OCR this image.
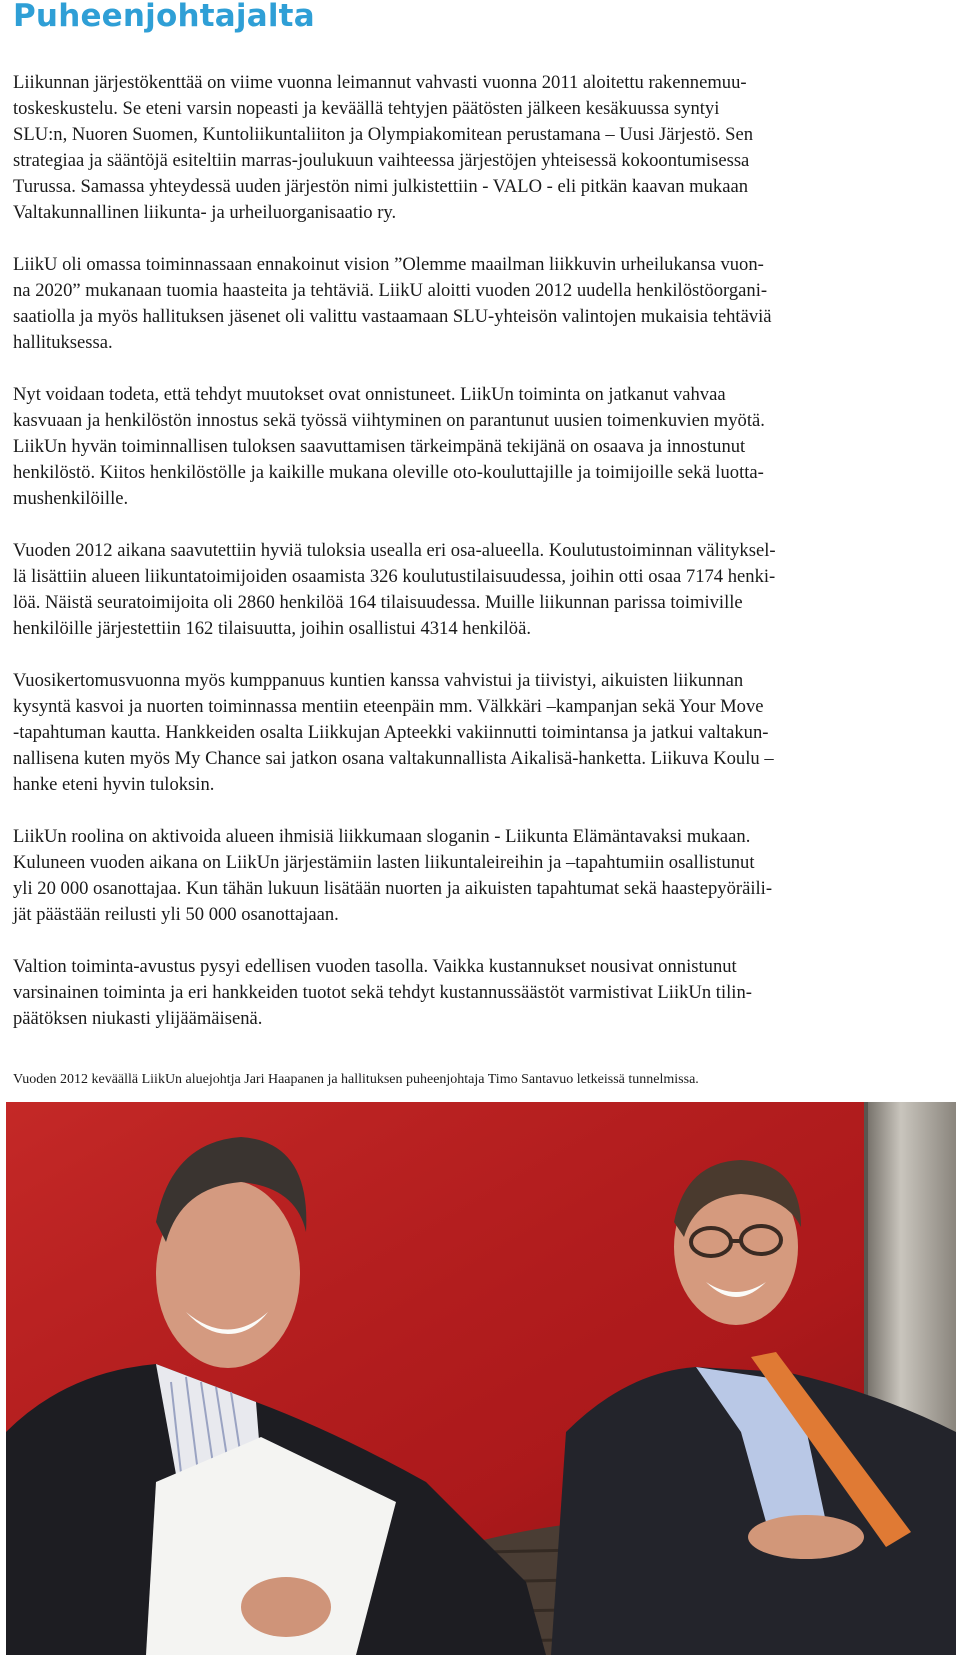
Puheenjohtajalta

Liikunnan järjestökenttää on viime vuonna leimannut vahvasti vuonna 2011 aloitettu rakennemuu-
toskeskustelu. Se eteni varsin nopeasti ja keväällä tehtyjen päätösten jälkeen kesäkuussa syntyi
SLU:n, Nuoren Suomen, Kuntoliikuntaliiton ja Olympiakomitean perustamana – Uusi Järjestö. Sen
strategiaa ja sääntöjä esiteltiin marras-joulukuun vaihteessa järjestöjen yhteisessä kokoontumisessa
Turussa. Samassa yhteydessä uuden järjestön nimi julkistettiin - VALO - eli pitkän kaavan mukaan
Valtakunnallinen liikunta- ja urheiluorganisaatio ry.

LiikU oli omassa toiminnassaan ennakoinut vision ”Olemme maailman liikkuvin urheilukansa vuon-
na 2020” mukanaan tuomia haasteita ja tehtäviä. LiikU aloitti vuoden 2012 uudella henkilöstöorgani-
saatiolla ja myös hallituksen jäsenet oli valittu vastaamaan SLU-yhteisön valintojen mukaisia tehtäviä
hallituksessa.

Nyt voidaan todeta, että tehdyt muutokset ovat onnistuneet. LiikUn toiminta on jatkanut vahvaa
kasvuaan ja henkilöstön innostus sekä työssä viihtyminen on parantunut uusien toimenkuvien myötä.
LiikUn hyvän toiminnallisen tuloksen saavuttamisen tärkeimpänä tekijänä on osaava ja innostunut
henkilöstö. Kiitos henkilöstölle ja kaikille mukana oleville oto-kouluttajille ja toimijoille sekä luotta-
mushenkilöille.

Vuoden 2012 aikana saavutettiin hyviä tuloksia usealla eri osa-alueella. Koulutustoiminnan välityksel-
lä lisättiin alueen liikuntatoimijoiden osaamista 326 koulutustilaisuudessa, joihin otti osaa 7174 henki-
löä. Näistä seuratoimijoita oli 2860 henkilöä 164 tilaisuudessa. Muille liikunnan parissa toimiville
henkilöille järjestettiin 162 tilaisuutta, joihin osallistui 4314 henkilöä.

Vuosikertomusvuonna myös kumppanuus kuntien kanssa vahvistui ja tiivistyi, aikuisten liikunnan
kysyntä kasvoi ja nuorten toiminnassa mentiin eteenpäin mm. Välkkäri –kampanjan sekä Your Move
-tapahtuman kautta. Hankkeiden osalta Liikkujan Apteekki vakiinnutti toimintansa ja jatkui valtakun-
nallisena kuten myös My Chance sai jatkon osana valtakunnallista Aikalisä-hanketta. Liikuva Koulu –
hanke eteni hyvin tuloksin.

LiikUn roolina on aktivoida alueen ihmisiä liikkumaan sloganin - Liikunta Elämäntavaksi mukaan.
Kuluneen vuoden aikana on LiikUn järjestämiin lasten liikuntaleireihin ja –tapahtumiin osallistunut
yli 20 000 osanottajaa. Kun tähän lukuun lisätään nuorten ja aikuisten tapahtumat sekä haastepyöräili-
jät päästään reilusti yli 50 000 osanottajaan.

Valtion toiminta-avustus pysyi edellisen vuoden tasolla. Vaikka kustannukset nousivat onnistunut
varsinainen toiminta ja eri hankkeiden tuotot sekä tehdyt kustannussäästöt varmistivat LiikUn tilin-
päätöksen niukasti ylijäämäisenä.

Vuoden 2012 keväällä LiikUn aluejohtja Jari Haapanen ja hallituksen puheenjohtaja Timo Santavuo letkeissä tunnelmissa.
